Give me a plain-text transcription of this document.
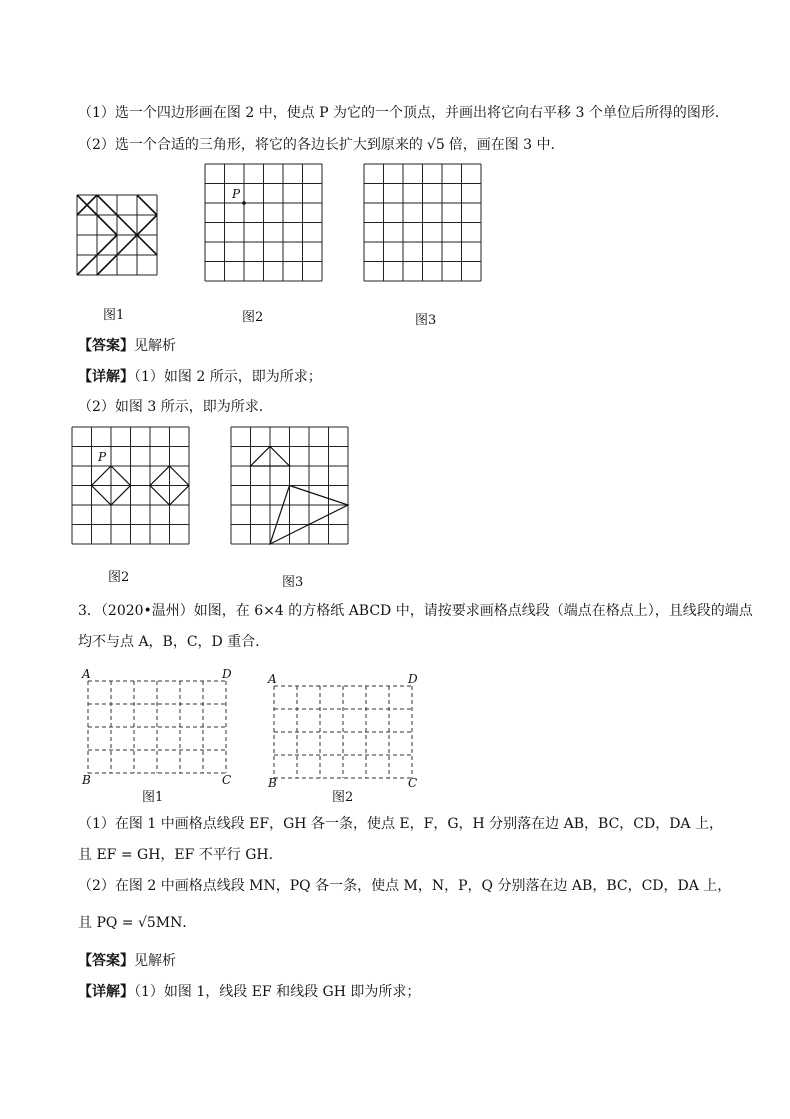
（1）选一个四边形画在图 2 中，使点 P 为它的一个顶点，并画出将它向右平移 3 个单位后所得的图形．
（2）选一个合适的三角形，将它的各边长扩大到原来的 √5 倍，画在图 3 中．
图1
P
图2	图3
【答案】见解析
【详解】（1）如图 2 所示，即为所求；
（2）如图 3 所示，即为所求．
P
图2	图3
3．（2020•温州）如图，在 6×4 的方格纸 ABCD 中，请按要求画格点线段（端点在格点上），且线段的端点
均不与点 A，B，C，D 重合．
A	D
B	C
图1
A	D
B	C
图2
（1）在图 1 中画格点线段 EF，GH 各一条，使点 E，F，G，H 分别落在边 AB，BC，CD，DA 上，
且 EF = GH，EF 不平行 GH．
（2）在图 2 中画格点线段 MN，PQ 各一条，使点 M，N，P，Q 分别落在边 AB，BC，CD，DA 上，
且 PQ = √5MN．
【答案】见解析
【详解】（1）如图 1，线段 EF 和线段 GH 即为所求；
